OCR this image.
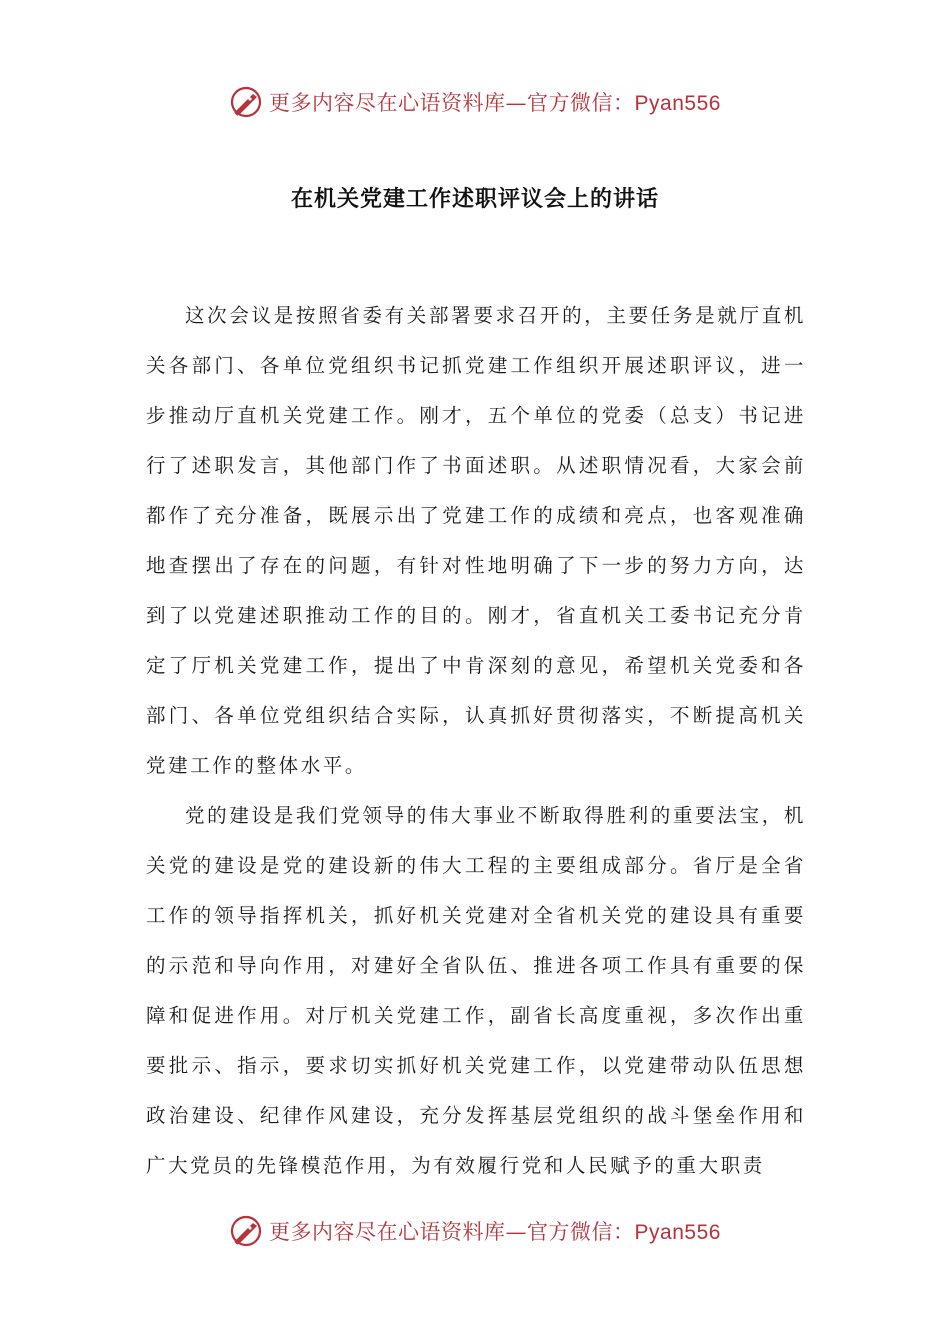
更多内容尽在心语资料库—官方微信：Pyan556
在机关党建工作述职评议会上的讲话

这次会议是按照省委有关部署要求召开的，主要任务是就厅直机关各部门、各单位党组织书记抓党建工作组织开展述职评议，进一步推动厅直机关党建工作。刚才，五个单位的党委（总支）书记进行了述职发言，其他部门作了书面述职。从述职情况看，大家会前都作了充分准备，既展示出了党建工作的成绩和亮点，也客观准确地查摆出了存在的问题，有针对性地明确了下一步的努力方向，达到了以党建述职推动工作的目的。刚才，省直机关工委书记充分肯定了厅机关党建工作，提出了中肯深刻的意见，希望机关党委和各部门、各单位党组织结合实际，认真抓好贯彻落实，不断提高机关党建工作的整体水平。

党的建设是我们党领导的伟大事业不断取得胜利的重要法宝，机关党的建设是党的建设新的伟大工程的主要组成部分。省厅是全省工作的领导指挥机关，抓好机关党建对全省机关党的建设具有重要的示范和导向作用，对建好全省队伍、推进各项工作具有重要的保障和促进作用。对厅机关党建工作，副省长高度重视，多次作出重要批示、指示，要求切实抓好机关党建工作，以党建带动队伍思想政治建设、纪律作风建设，充分发挥基层党组织的战斗堡垒作用和广大党员的先锋模范作用，为有效履行党和人民赋予的重大职责

更多内容尽在心语资料库—官方微信：Pyan556
